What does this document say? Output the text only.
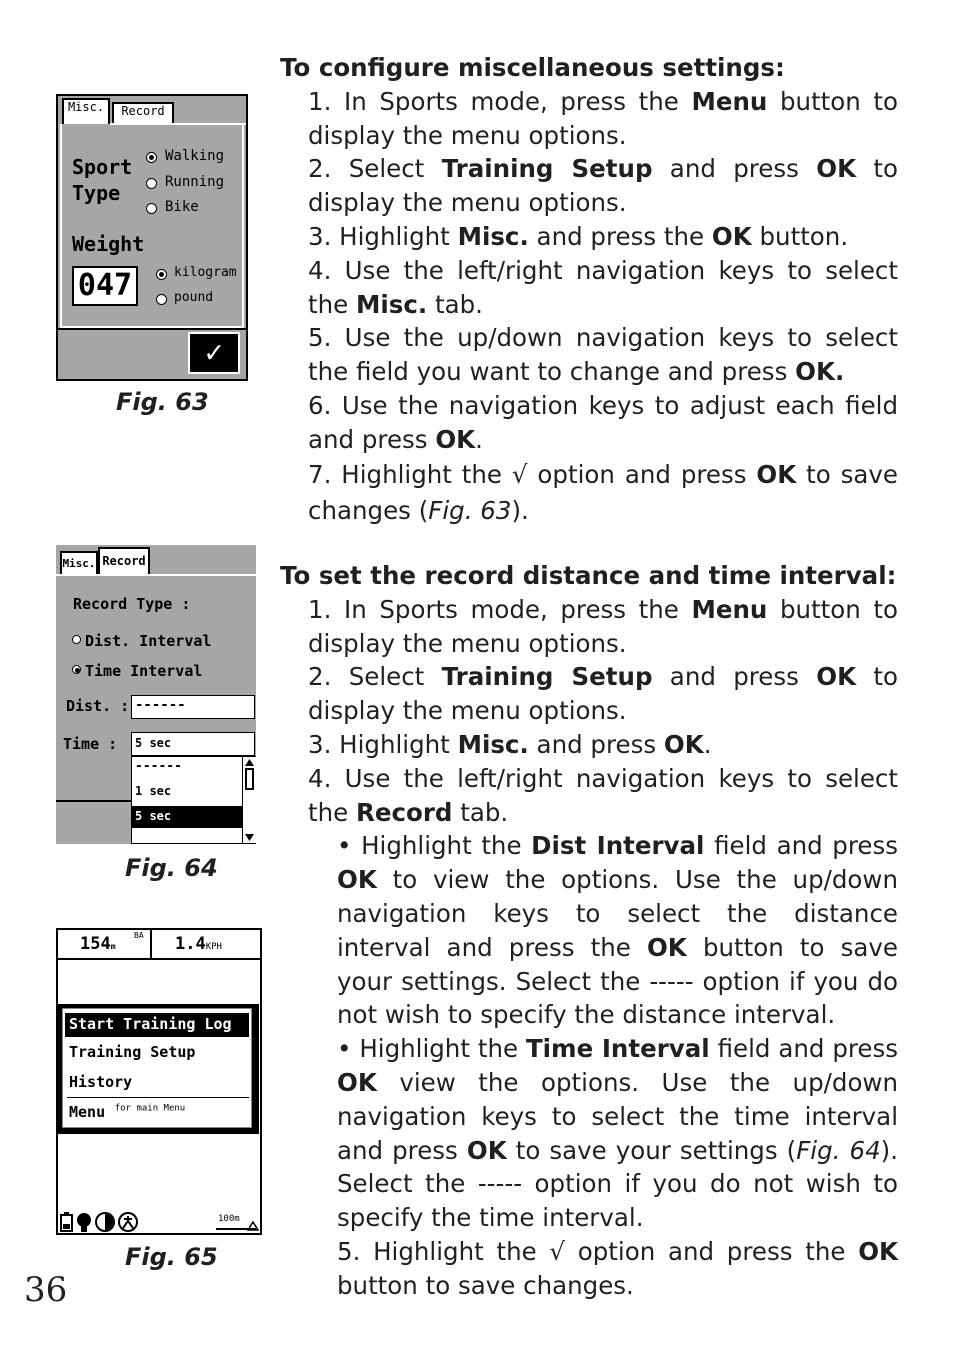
Misc.	Record
Sport
Type
Walking
Running
Bike
Weight
047	kilogram
pound
✓
Fig. 63
Misc. Record
Record Type :
Dist. Interval
Time Interval
Dist. : ------
Time : 5 sec
------
1 sec
5 sec
Fig. 64
154m
BA 1.4KPH
Start Training Log
Training Setup
History
Menu $^{for main Menu}$
100m
Fig. 65
36

To configure miscellaneous settings:

1. In Sports mode, press the Menu button to display the menu options.

2. Select Training Setup and press OK to display the menu options.

3. Highlight Misc. and press the OK button.

4. Use the left/right navigation keys to select the Misc. tab.

5. Use the up/down navigation keys to select the field you want to change and press OK.

6. Use the navigation keys to adjust each field and press OK.

7. Highlight the √ option and press OK to save changes (Fig. 63).

To set the record distance and time interval:

1. In Sports mode, press the Menu button to display the menu options.

2. Select Training Setup and press OK to display the menu options.

3. Highlight Misc. and press OK.

4. Use the left/right navigation keys to select the Record tab.

• Highlight the Dist Interval field and press OK to view the options. Use the up/down navigation keys to select the distance interval and press the OK button to save your settings. Select the ----- option if you do not wish to specify the distance interval.

• Highlight the Time Interval field and press OK view the options. Use the up/down navigation keys to select the time interval and press OK to save your settings (Fig. 64). Select the ----- option if you do not wish to specify the time interval.

5. Highlight the √ option and press the OK button to save changes.
